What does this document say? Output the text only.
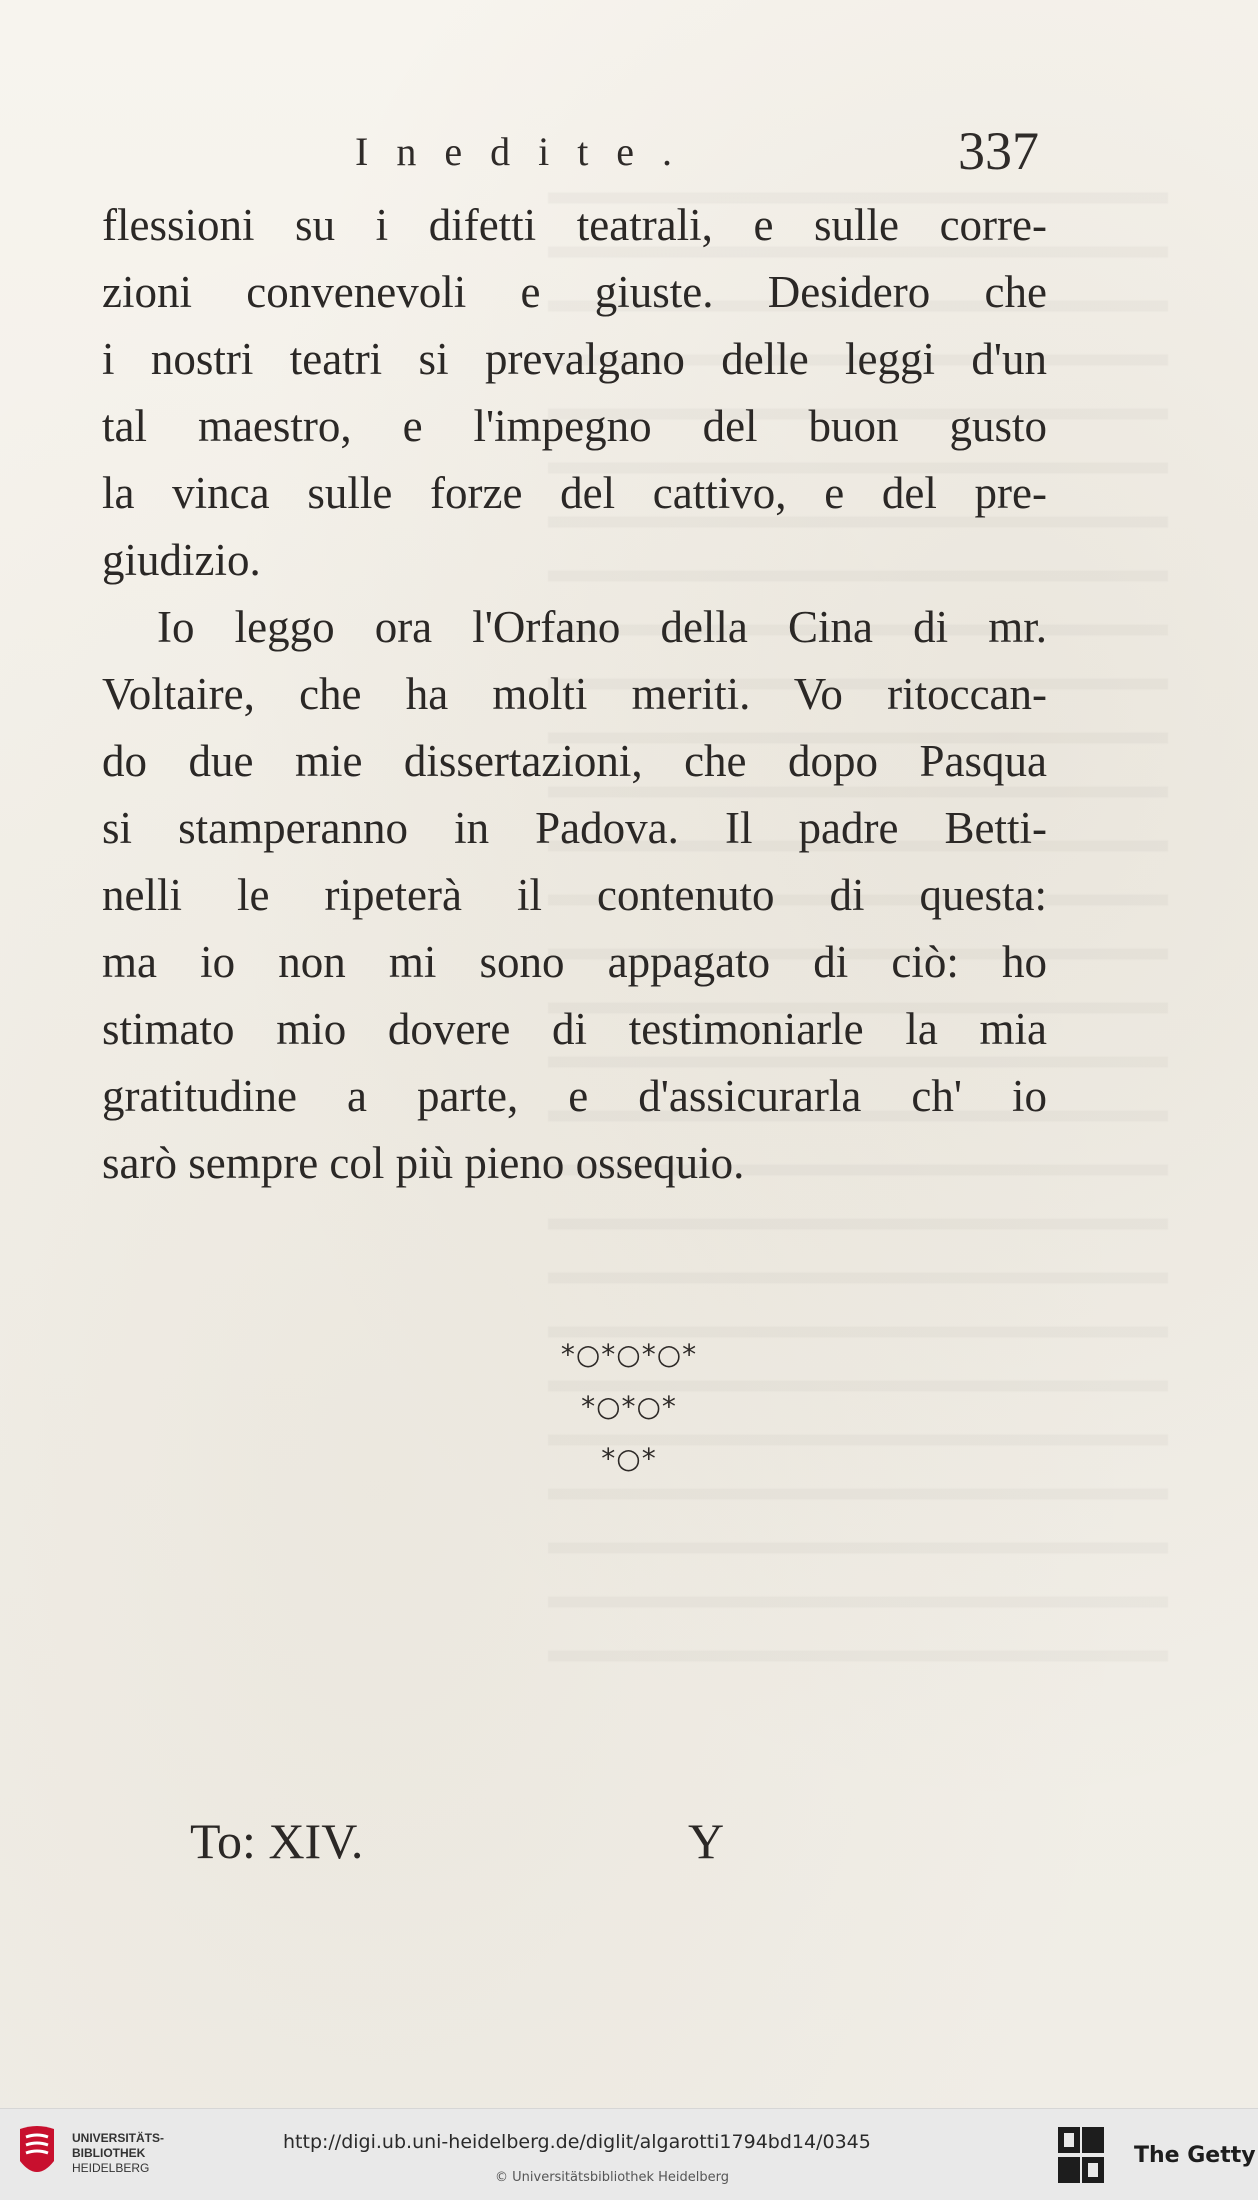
Inedite.	337
flessioni su i difetti teatrali, e sulle corre-
zioni convenevoli e giuste. Desidero che
i nostri teatri si prevalgano delle leggi d'un
tal maestro, e l'impegno del buon gusto
la vinca sulle forze del cattivo, e del pre-
giudizio.
Io leggo ora l'Orfano della Cina di mr.
Voltaire, che ha molti meriti. Vo ritoccan-
do due mie dissertazioni, che dopo Pasqua
si stamperanno in Padova. Il padre Betti-
nelli le ripeterà il contenuto di questa:
ma io non mi sono appagato di ciò: ho
stimato mio dovere di testimoniarle la mia
gratitudine a parte, e d'assicurarla ch' io
sarò sempre col più pieno ossequio.
*○*○*○*
*○*○*
*○*
To: XIV.	Y
UNIVERSITÄTS-
BIBLIOTHEK
HEIDELBERG
http://digi.ub.uni-heidelberg.de/diglit/algarotti1794bd14/0345
© Universitätsbibliothek Heidelberg
The Getty
